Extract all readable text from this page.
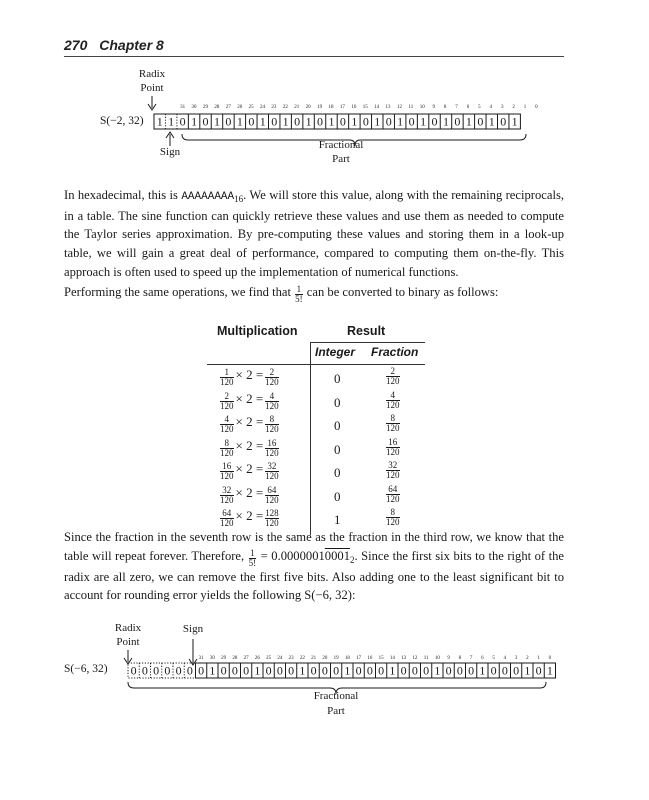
270 Chapter 8
Radix
Point
31 30 29 28 27 26 25 24 23 22 21 20 19 18 17 16 15 14 13 12 11 10 9 8 7 6 5 4 3 2 1 0
S(−2, 32) 1 1 0 1 0 1 0 1 0 1 0 1 0 1 0 1 0 1 0 1 0 1 0 1 0 1 0 1 0 1 0 1
Sign
Fractional
Part
In hexadecimal, this is $AAAAAAAA_{16}$. We will store this value, along with the remaining reciprocals, in a table. The sine function can quickly retrieve these values and use them as needed to compute the Taylor series approximation. By pre-computing these values and storing them in a look-up table, we will gain a great deal of performance, compared to computing them on-the-fly. This approach is often used to speed up the implementation of numerical functions.
Performing the same operations, we find that $\frac{1}{5!}$ can be converted to binary as follows:
Multiplication	Result
Integer Fraction
$\frac{1}{120} \times 2 = \frac{2}{120}$	0	$\frac{2}{120}$
$\frac{2}{120} \times 2 = \frac{4}{120}$	0	$\frac{4}{120}$
$\frac{4}{120} \times 2 = \frac{8}{120}$	0	$\frac{8}{120}$
$\frac{8}{120} \times 2 = \frac{16}{120}$	0	$\frac{16}{120}$
$\frac{16}{120} \times 2 = \frac{32}{120}$	0	$\frac{32}{120}$
$\frac{32}{120} \times 2 = \frac{64}{120}$	0	$\frac{64}{120}$
$\frac{64}{120} \times 2 = \frac{128}{120}$	1	$\frac{8}{120}$
Since the fraction in the seventh row is the same as the fraction in the third row, we know that the table will repeat forever. Therefore, $\frac{1}{5!} = 0.00000010001_2$. Since the first six bits to the right of the radix are all zero, we can remove the first five bits. Also adding one to the least significant bit to account for rounding error yields the following S(−6, 32):
Radix
Point
Sign
31 30 29 28 27 26 25 24 23 22 21 20 19 18 17 16 15 14 13 12 11 10 9 8 7 6 5 4 3 2 1 0
S(−6, 32) 0 0 0 0 0 0 0 1 0 0 0 1 0 0 0 1 0 0 0 1 0 0 0 1 0 0 0 1 0 0 0 1 0 0 0 1 0 1
Fractional
Part
